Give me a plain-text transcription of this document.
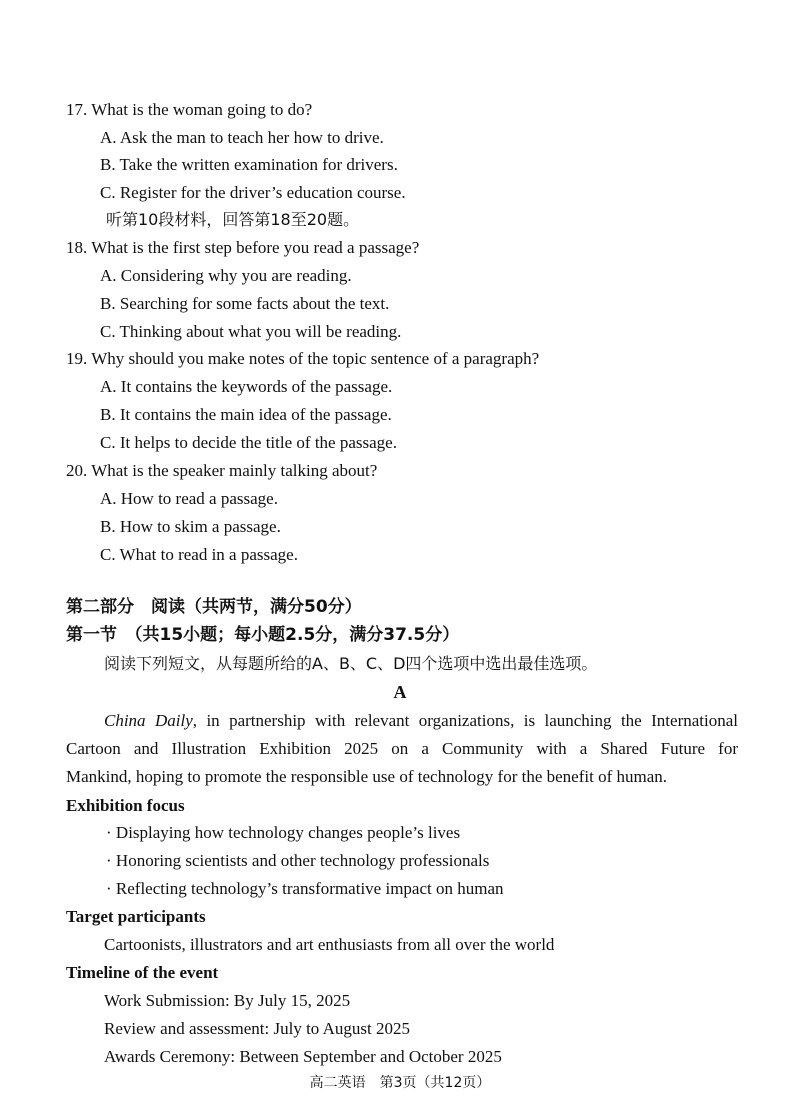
17. What is the woman going to do?
A. Ask the man to teach her how to drive.
B. Take the written examination for drivers.
C. Register for the driver’s education course.
听第10段材料，回答第18至20题。
18. What is the first step before you read a passage?
A. Considering why you are reading.
B. Searching for some facts about the text.
C. Thinking about what you will be reading.
19. Why should you make notes of the topic sentence of a paragraph?
A. It contains the keywords of the passage.
B. It contains the main idea of the passage.
C. It helps to decide the title of the passage.
20. What is the speaker mainly talking about?
A. How to read a passage.
B. How to skim a passage.
C. What to read in a passage.
第二部分　阅读（共两节，满分50分）
第一节　（共15小题；每小题2.5分，满分37.5分）
阅读下列短文，从每题所给的A、B、C、D四个选项中选出最佳选项。
A
China Daily, in partnership with relevant organizations, is launching the International
Cartoon and Illustration Exhibition 2025 on a Community with a Shared Future for
Mankind, hoping to promote the responsible use of technology for the benefit of human.
Exhibition focus
· Displaying how technology changes people’s lives
· Honoring scientists and other technology professionals
· Reflecting technology’s transformative impact on human
Target participants
Cartoonists, illustrators and art enthusiasts from all over the world
Timeline of the event
Work Submission: By July 15, 2025
Review and assessment: July to August 2025
Awards Ceremony: Between September and October 2025
高二英语　第3页（共12页）
